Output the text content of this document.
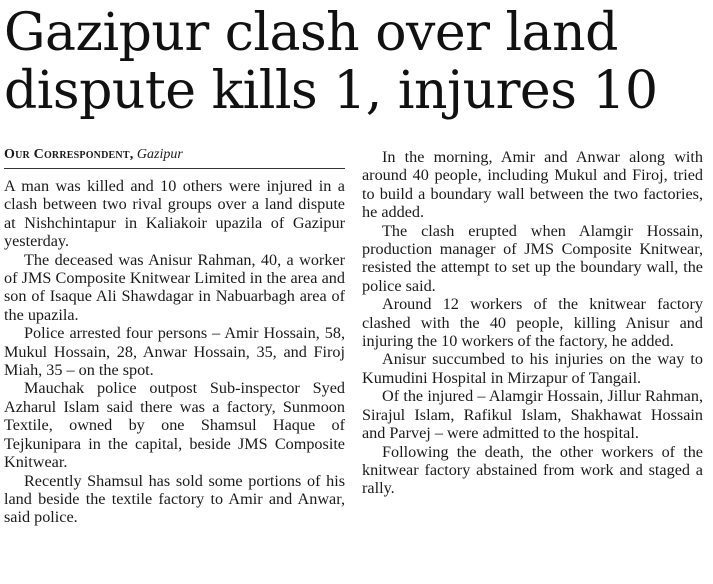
Gazipur clash over land
dispute kills 1, injures 10
Our Correspondent, Gazipur

A man was killed and 10 others were injured in a clash between two rival groups over a land dispute at Nishchintapur in Kaliakoir upazila of Gazipur yesterday.

The deceased was Anisur Rahman, 40, a worker of JMS Composite Knitwear Limited in the area and son of Isaque Ali Shawdagar in Nabuarbagh area of the upazila.

Police arrested four persons – Amir Hossain, 58, Mukul Hossain, 28, Anwar Hossain, 35, and Firoj Miah, 35 – on the spot.

Mauchak police outpost Sub-inspector Syed Azharul Islam said there was a factory, Sunmoon Textile, owned by one Shamsul Haque of Tejkunipara in the capital, beside JMS Composite Knitwear.

Recently Shamsul has sold some portions of his land beside the textile factory to Amir and Anwar, said police.

In the morning, Amir and Anwar along with around 40 people, including Mukul and Firoj, tried to build a boundary wall between the two factories, he added.

The clash erupted when Alamgir Hossain, production manager of JMS Composite Knitwear, resisted the attempt to set up the boundary wall, the police said.

Around 12 workers of the knitwear factory clashed with the 40 people, killing Anisur and injuring the 10 workers of the factory, he added.

Anisur succumbed to his injuries on the way to Kumudini Hospital in Mirzapur of Tangail.

Of the injured – Alamgir Hossain, Jillur Rahman, Sirajul Islam, Rafikul Islam, Shakhawat Hossain and Parvej – were admitted to the hospital.

Following the death, the other workers of the knitwear factory abstained from work and staged a rally.
